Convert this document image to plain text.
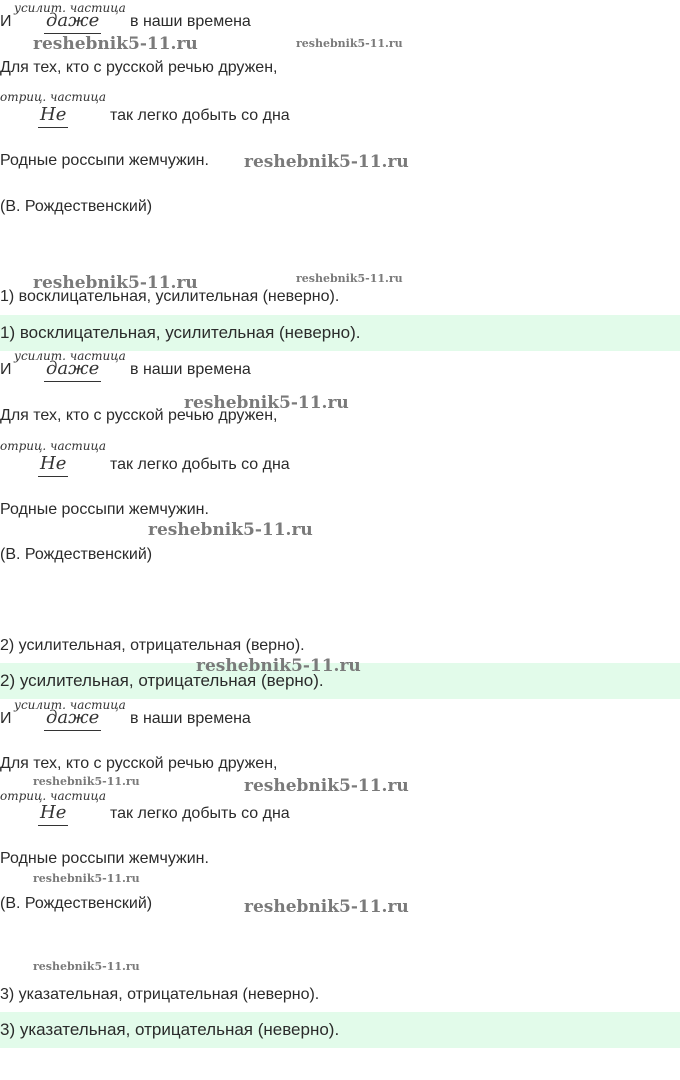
И
усилит. частица
даже в наши времена
reshebnik5-11.ru	reshebnik5-11.ru
Для тех, кто с русской речью дружен,
отриц. частица
Не	так легко добыть со дна
Родные россыпи жемчужин. reshebnik5-11.ru
(В. Рождественский)
reshebnik5-11.ru	reshebnik5-11.ru
1) восклицательная, усилительная (неверно).
1) восклицательная, усилительная (неверно).
И
усилит. частица
даже в наши времена
Для тех, кто с русской речью дружен,
reshebnik5-11.ru
отриц. частица
Не	так легко добыть со дна
Родные россыпи жемчужин.
reshebnik5-11.ru
(В. Рождественский)
2) усилительная, отрицательная (верно).
2) усилительная, отрицательная (верно).
reshebnik5-11.ru
И
усилит. частица
даже в наши времена
Для тех, кто с русской речью дружен,
reshebnik5-11.ru	reshebnik5-11.ru
отриц. частица
Не	так легко добыть со дна
Родные россыпи жемчужин.
reshebnik5-11.ru
(В. Рождественский)	reshebnik5-11.ru
reshebnik5-11.ru
3) указательная, отрицательная (неверно).
3) указательная, отрицательная (неверно).
